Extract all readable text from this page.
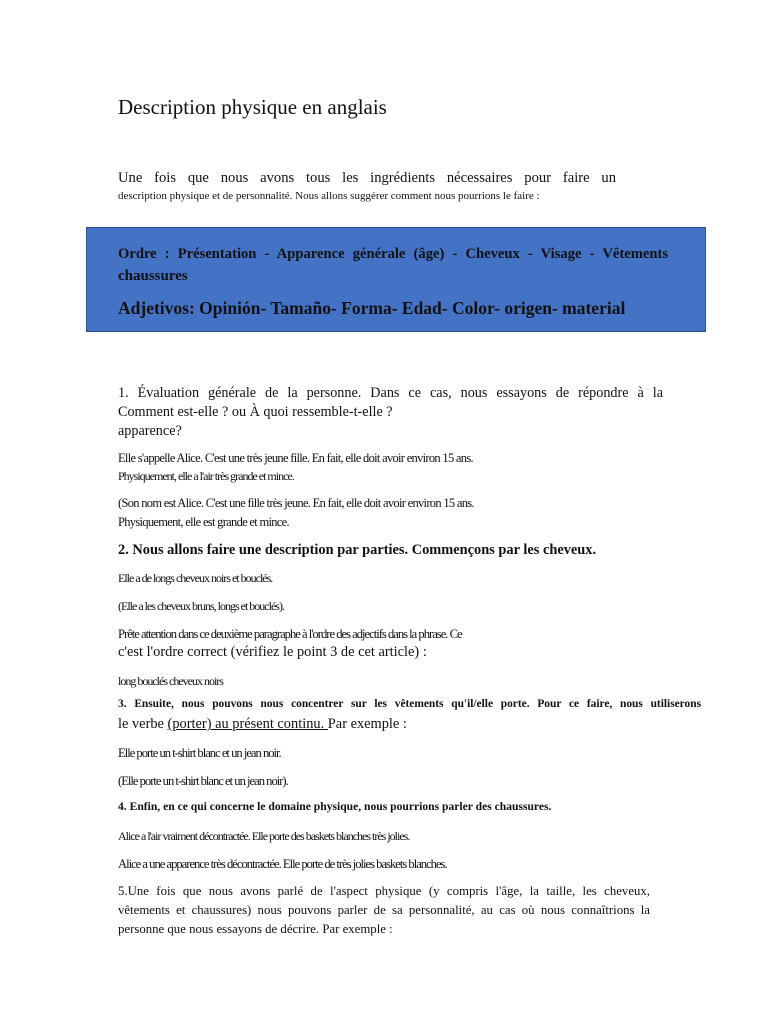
Description physique en anglais
Une fois que nous avons tous les ingrédients nécessaires pour faire un
description physique et de personnalité. Nous allons suggérer comment nous pourrions le faire :
Ordre : Présentation - Apparence générale (âge) - Cheveux - Visage - Vêtements
chaussures
Adjetivos: Opinión- Tamaño- Forma- Edad- Color- origen- material
1. Évaluation générale de la personne. Dans ce cas, nous essayons de répondre à la
Comment est-elle ? ou À quoi ressemble-t-elle ?
apparence?
Elle s'appelle Alice. C'est une très jeune fille. En fait, elle doit avoir environ 15 ans.
Physiquement, elle a l'air très grande et mince.
(Son nom est Alice. C'est une fille très jeune. En fait, elle doit avoir environ 15 ans.
Physiquement, elle est grande et mince.
2. Nous allons faire une description par parties. Commençons par les cheveux.
Elle a de longs cheveux noirs et bouclés.
(Elle a les cheveux bruns, longs et bouclés).
Prête attention dans ce deuxième paragraphe à l'ordre des adjectifs dans la phrase. Ce
c'est l'ordre correct (vérifiez le point 3 de cet article) :
long bouclés cheveux noirs
3. Ensuite, nous pouvons nous concentrer sur les vêtements qu'il/elle porte. Pour ce faire, nous utiliserons
le verbe (porter) au présent continu. Par exemple :
Elle porte un t-shirt blanc et un jean noir.
(Elle porte un t-shirt blanc et un jean noir).
4. Enfin, en ce qui concerne le domaine physique, nous pourrions parler des chaussures.
Alice a l'air vraiment décontractée. Elle porte des baskets blanches très jolies.
Alice a une apparence très décontractée. Elle porte de très jolies baskets blanches.
5.Une fois que nous avons parlé de l'aspect physique (y compris l'âge, la taille, les cheveux,
vêtements et chaussures) nous pouvons parler de sa personnalité, au cas où nous connaîtrions la
personne que nous essayons de décrire. Par exemple :
